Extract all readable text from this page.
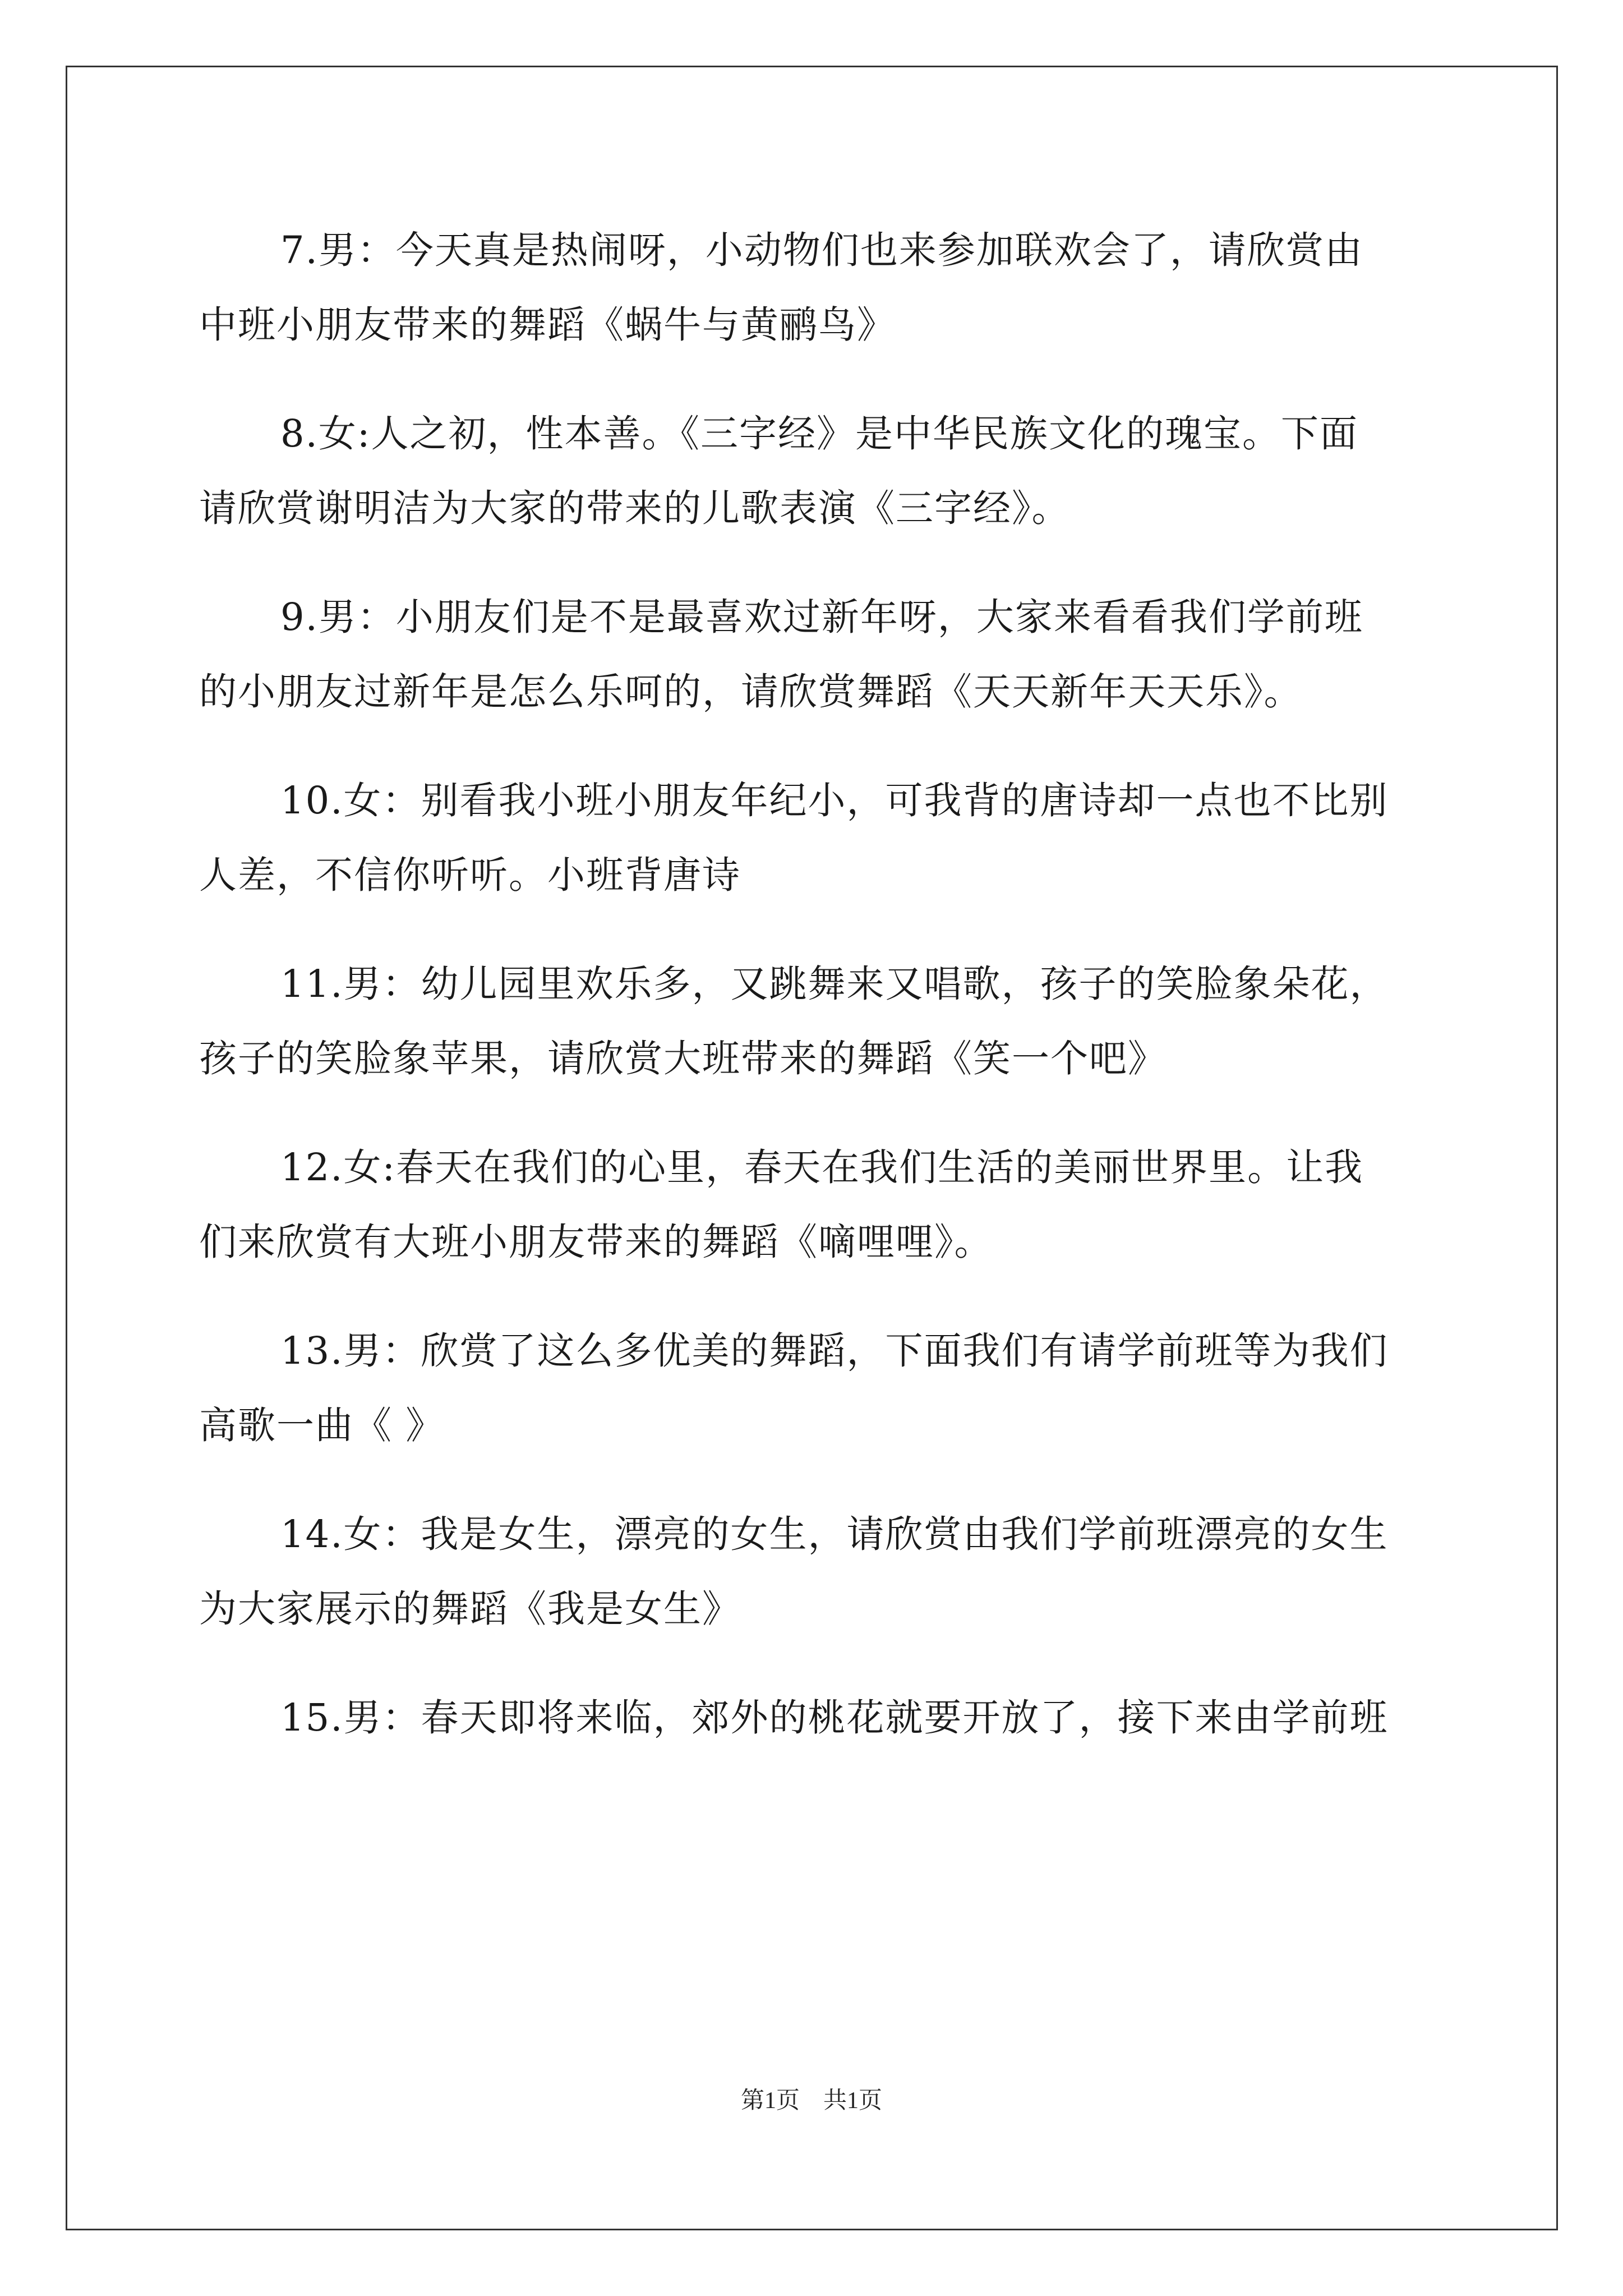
7.男：今天真是热闹呀，小动物们也来参加联欢会了，请欣赏由
中班小朋友带来的舞蹈《蜗牛与黄鹂鸟》
8.女:人之初，性本善。《三字经》是中华民族文化的瑰宝。下面
请欣赏谢明洁为大家的带来的儿歌表演《三字经》。
9.男：小朋友们是不是最喜欢过新年呀，大家来看看我们学前班
的小朋友过新年是怎么乐呵的，请欣赏舞蹈《天天新年天天乐》。
10.女：别看我小班小朋友年纪小，可我背的唐诗却一点也不比别
人差，不信你听听。小班背唐诗
11.男：幼儿园里欢乐多，又跳舞来又唱歌，孩子的笑脸象朵花，
孩子的笑脸象苹果，请欣赏大班带来的舞蹈《笑一个吧》
12.女:春天在我们的心里，春天在我们生活的美丽世界里。让我
们来欣赏有大班小朋友带来的舞蹈《嘀哩哩》。
13.男：欣赏了这么多优美的舞蹈，下面我们有请学前班等为我们
高歌一曲《 》
14.女：我是女生，漂亮的女生，请欣赏由我们学前班漂亮的女生
为大家展示的舞蹈《我是女生》
15.男：春天即将来临，郊外的桃花就要开放了，接下来由学前班
第1页　共1页
